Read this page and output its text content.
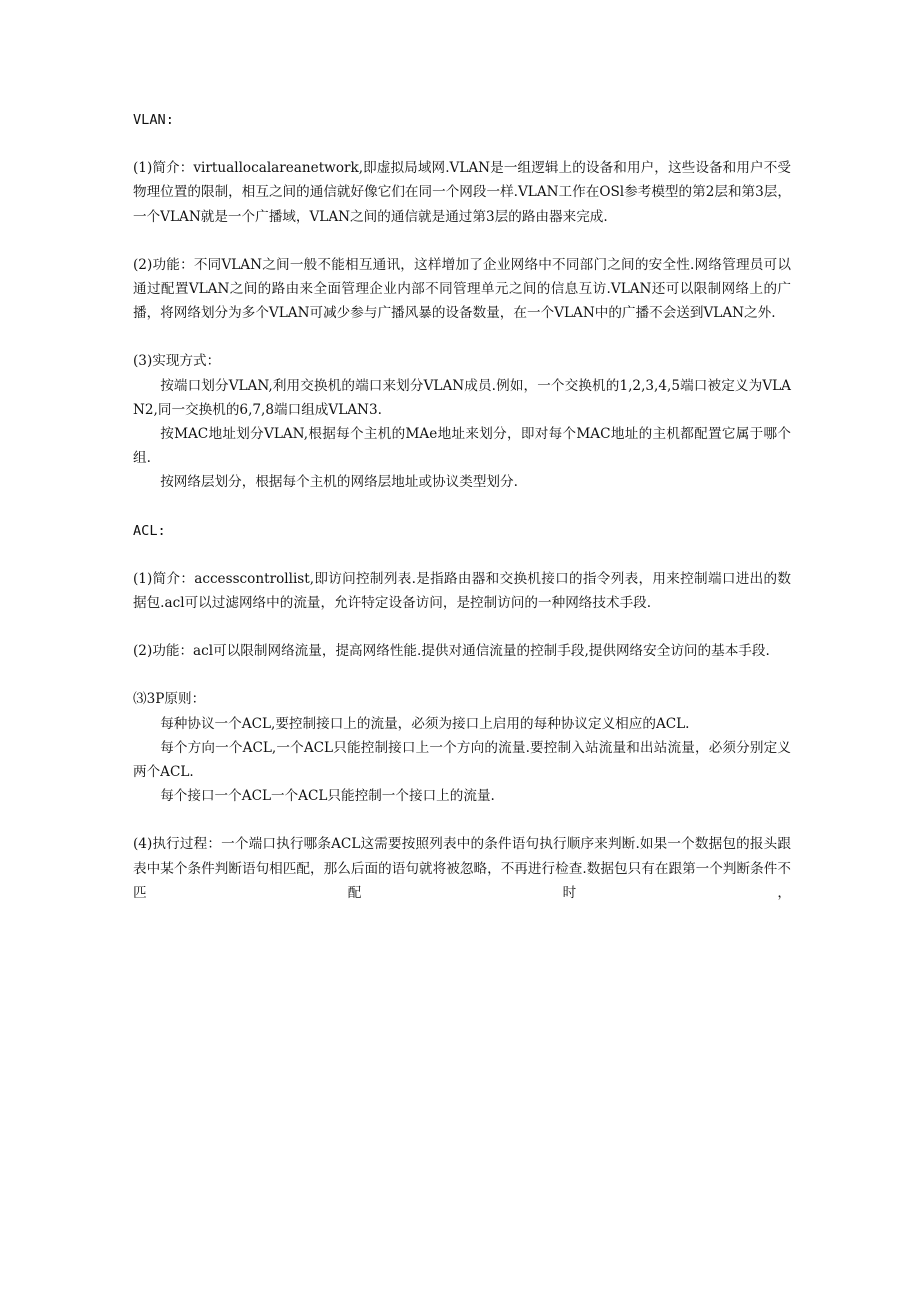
VLAN:

(1)简介：virtuallocalareanetwork,即虚拟局域网.VLAN是一组逻辑上的设备和用户，这些设备和用户不受物理位置的限制，相互之间的通信就好像它们在同一个网段一样.VLAN工作在OSl参考模型的第2层和第3层，一个VLAN就是一个广播域，VLAN之间的通信就是通过第3层的路由器来完成.

(2)功能：不同VLAN之间一般不能相互通讯，这样增加了企业网络中不同部门之间的安全性.网络管理员可以通过配置VLAN之间的路由来全面管理企业内部不同管理单元之间的信息互访.VLAN还可以限制网络上的广播，将网络划分为多个VLAN可减少参与广播风暴的设备数量，在一个VLAN中的广播不会送到VLAN之外.

(3)实现方式：

按端口划分VLAN,利用交换机的端口来划分VLAN成员.例如，一个交换机的1,2,3,4,5端口被定义为VLAN2,同一交换机的6,7,8端口组成VLAN3.

按MAC地址划分VLAN,根据每个主机的MAe地址来划分，即对每个MAC地址的主机都配置它属于哪个组.

按网络层划分，根据每个主机的网络层地址或协议类型划分.

ACL:

(1)简介：accesscontrollist,即访问控制列表.是指路由器和交换机接口的指令列表，用来控制端口进出的数据包.acl可以过滤网络中的流量，允许特定设备访问，是控制访问的一种网络技术手段.

(2)功能：acl可以限制网络流量，提高网络性能.提供对通信流量的控制手段,提供网络安全访问的基本手段.

⑶3P原则：

每种协议一个ACL,要控制接口上的流量，必须为接口上启用的每种协议定义相应的ACL.

每个方向一个ACL,一个ACL只能控制接口上一个方向的流量.要控制入站流量和出站流量，必须分别定义两个ACL.

每个接口一个ACL一个ACL只能控制一个接口上的流量.

(4)执行过程：一个端口执行哪条ACL这需要按照列表中的条件语句执行顺序来判断.如果一个数据包的报头跟表中某个条件判断语句相匹配，那么后面的语句就将被忽略，不再进行检查.数据包只有在跟第一个判断条件不匹配时，
